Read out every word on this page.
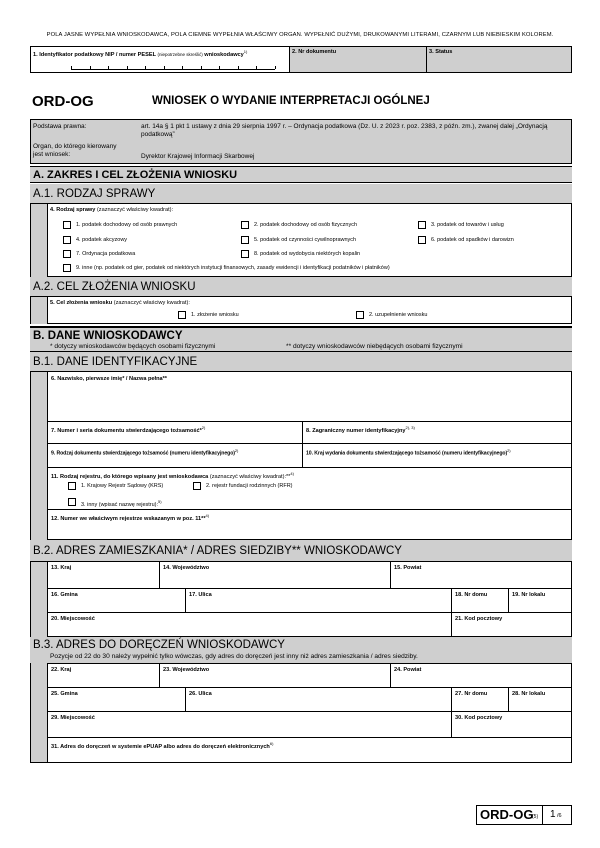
POLA JASNE WYPEŁNIA WNIOSKODAWCA, POLA CIEMNE WYPEŁNIA WŁAŚCIWY ORGAN. WYPEŁNIĆ DUŻYMI, DRUKOWANYMI LITERAMI, CZARNYM LUB NIEBIESKIM KOLOREM.
1. Identyfikator podatkowy NIP / numer PESEL (niepotrzebne skreślić) wnioskodawcy$^{1)}$	2. Nr dokumentu	3. Status
ORD-OG	WNIOSEK O WYDANIE INTERPRETACJI OGÓLNEJ
Podstawa prawna:	art. 14a § 1 pkt 1 ustawy z dnia 29 sierpnia 1997 r. – Ordynacja podatkowa (Dz. U. z 2023 r. poz. 2383, z późn. zm.), zwanej dalej „Ordynacją podatkową”
Organ, do którego kierowany jest wniosek:	Dyrektor Krajowej Informacji Skarbowej
A. ZAKRES I CEL ZŁOŻENIA WNIOSKU
A.1. RODZAJ SPRAWY
4. Rodzaj sprawy (zaznaczyć właściwy kwadrat):
1. podatek dochodowy od osób prawnych	2. podatek dochodowy od osób fizycznych	3. podatek od towarów i usług
4. podatek akcyzowy	5. podatek od czynności cywilnoprawnych	6. podatek od spadków i darowizn
7. Ordynacja podatkowa	8. podatek od wydobycia niektórych kopalin
9. inne (np. podatek od gier, podatek od niektórych instytucji finansowych, zasady ewidencji i identyfikacji podatników i płatników)
A.2. CEL ZŁOŻENIA WNIOSKU
5. Cel złożenia wniosku (zaznaczyć właściwy kwadrat):
1. złożenie wniosku	2. uzupełnienie wniosku
B. DANE WNIOSKODAWCY
* dotyczy wnioskodawców będących osobami fizycznymi	** dotyczy wnioskodawców niebędących osobami fizycznymi
B.1. DANE IDENTYFIKACYJNE
6. Nazwisko, pierwsze imię* / Nazwa pełna**
7. Numer i seria dokumentu stwierdzającego tożsamość*$^{2)}$
8. Zagraniczny numer identyfikacyjny$^{2), 3)}$
9. Rodzaj dokumentu stwierdzającego tożsamość (numeru identyfikacyjnego)$^{2)}$
10. Kraj wydania dokumentu stwierdzającego tożsamość (numeru identyfikacyjnego)$^{2)}$
11. Rodzaj rejestru, do którego wpisany jest wnioskodawca (zaznaczyć właściwy kwadrat):**$^{4)}$
1. Krajowy Rejestr Sądowy (KRS)	2. rejestr fundacji rodzinnych (RFR)
3. inny (wpisać nazwę rejestru):$^{5)}$
12. Numer we właściwym rejestrze wskazanym w poz. 11**$^{4)}$
B.2. ADRES ZAMIESZKANIA* / ADRES SIEDZIBY** WNIOSKODAWCY
13. Kraj	14. Województwo	15. Powiat
16. Gmina	17. Ulica	18. Nr domu	19. Nr lokalu
20. Miejscowość	21. Kod pocztowy
B.3. ADRES DO DORĘCZEŃ WNIOSKODAWCY
Pozycje od 22 do 30 należy wypełnić tylko wówczas, gdy adres do doręczeń jest inny niż adres zamieszkania / adres siedziby.
22. Kraj	23. Województwo	24. Powiat
25. Gmina	26. Ulica	27. Nr domu	28. Nr lokalu
29. Miejscowość	30. Kod pocztowy
31. Adres do doręczeń w systemie ePUAP albo adres do doręczeń elektronicznych$^{6)}$
ORD-OG
(5) 1 /6
